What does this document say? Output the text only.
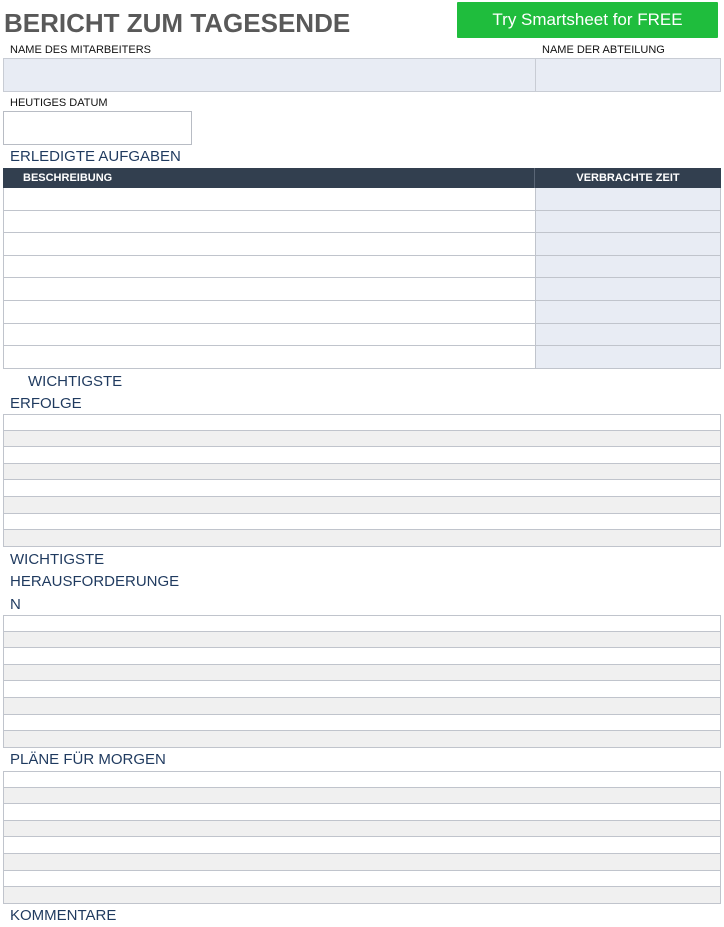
BERICHT ZUM TAGESENDE	Try Smartsheet for FREE
NAME DES MITARBEITERS	NAME DER ABTEILUNG
HEUTIGES DATUM
ERLEDIGTE AUFGABEN
BESCHREIBUNG	VERBRACHTE ZEIT
WICHTIGSTE
ERFOLGE
WICHTIGSTE
HERAUSFORDERUNGE
N
PLÄNE FÜR MORGEN
KOMMENTARE
